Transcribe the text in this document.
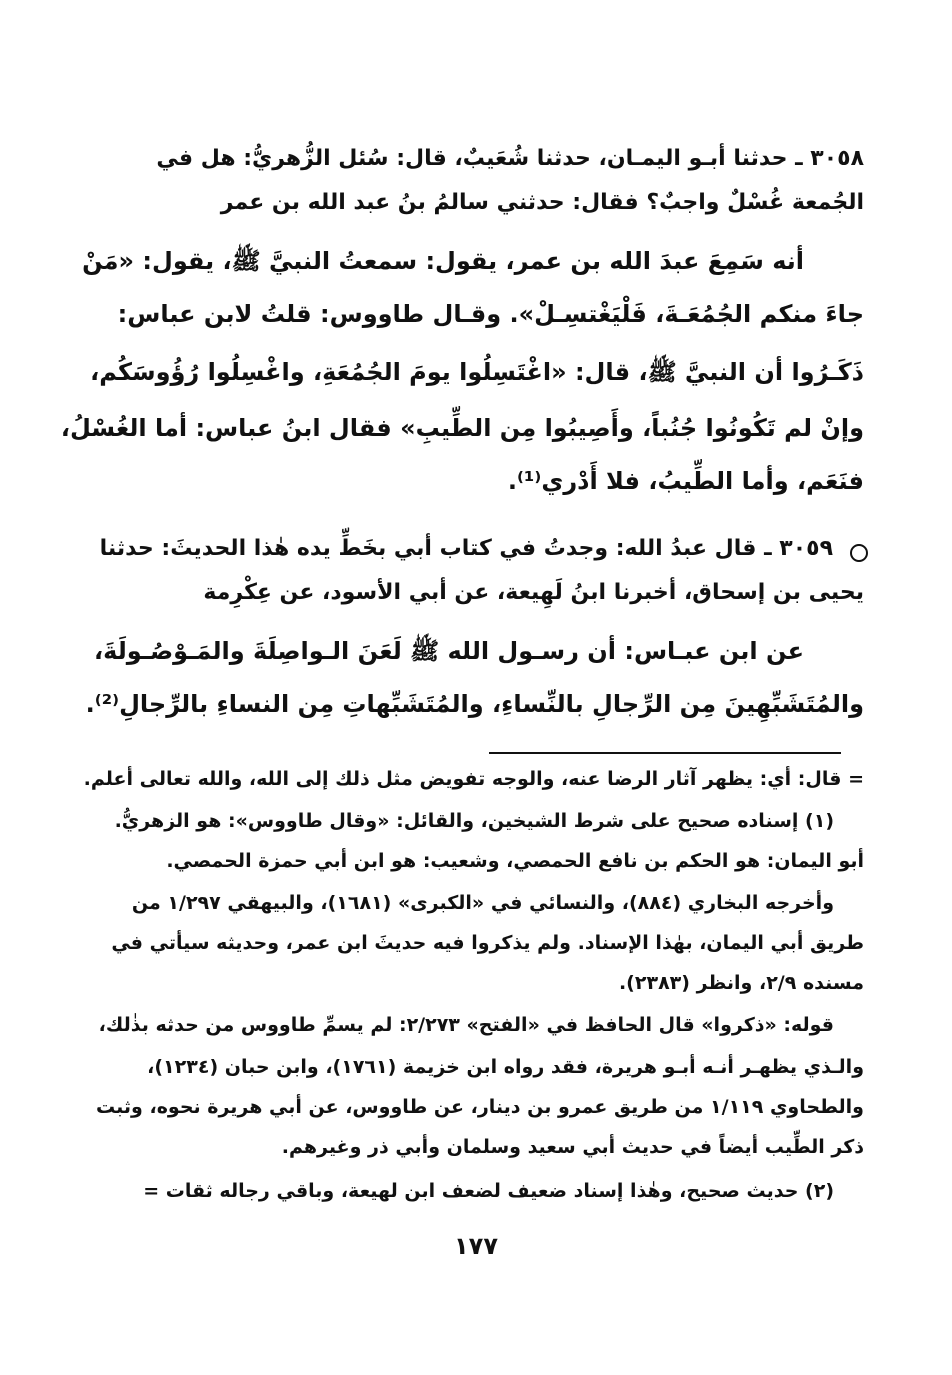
٣٠٥٨ ـ حدثنا أبـو اليمـان، حدثنا شُعَيبٌ، قال: سُئل الزُّهريُّ: هل في

الجُمعة غُسْلٌ واجبٌ؟ فقال: حدثني سالمُ بنُ عبد الله بن عمر

أنه سَمِعَ عبدَ الله بن عمر، يقول: سمعتُ النبيَّ ﷺ، يقول: «مَنْ

جاءَ منكم الجُمُعَـةَ، فَلْيَغْتسِـلْ». وقـال طاووس: قلتُ لابن عباس:

ذَكَـرُوا أن النبيَّ ﷺ، قال: «اغْتَسِلُوا يومَ الجُمُعَةِ، واغْسِلُوا رُؤُوسَكُم،

وإنْ لم تَكُونُوا جُنُباً، وأَصِيبُوا مِن الطِّيبِ» فقال ابنُ عباس: أما الغُسْلُ،

فنَعَم، وأما الطِّيبُ، فلا أَدْري⁽¹⁾.

٣٠٥٩ ـ قال عبدُ الله: وجدتُ في كتاب أبي بخَطِّ يده هٰذا الحديثَ: حدثنا

يحيى بن إسحاق، أخبرنا ابنُ لَهِيعة، عن أبي الأسود، عن عِكْرِمة

عن ابن عبـاس: أن رسـول الله ﷺ لَعَنَ الـواصِلَةَ والمَـوْصُـولَةَ،

والمُتَشَبِّهِينَ مِن الرِّجالِ بالنِّساءِ، والمُتَشَبِّهاتِ مِن النساءِ بالرِّجالِ⁽²⁾.

= قال: أي: يظهر آثار الرضا عنه، والوجه تفويض مثل ذلك إلى الله، والله تعالى أعلم.

(١) إسناده صحيح على شرط الشيخين، والقائل: «وقال طاووس»: هو الزهريُّ.

أبو اليمان: هو الحكم بن نافع الحمصي، وشعيب: هو ابن أبي حمزة الحمصي.

وأخرجه البخاري (٨٨٤)، والنسائي في «الكبرى» (١٦٨١)، والبيهقي ١/٢٩٧ من

طريق أبي اليمان، بهٰذا الإسناد. ولم يذكروا فيه حديثَ ابن عمر، وحديثه سيأتي في

مسنده ٢/٩، وانظر (٢٣٨٣).

قوله: «ذكروا» قال الحافظ في «الفتح» ٢/٢٧٣: لم يسمِّ طاووس من حدثه بذٰلك،

والـذي يظهـر أنـه أبـو هريرة، فقد رواه ابن خزيمة (١٧٦١)، وابن حبان (١٢٣٤)،

والطحاوي ١/١١٩ من طريق عمرو بن دينار، عن طاووس، عن أبي هريرة نحوه، وثبت

ذكر الطِّيب أيضاً في حديث أبي سعيد وسلمان وأبي ذر وغيرهم.

(٢) حديث صحيح، وهٰذا إسناد ضعيف لضعف ابن لهيعة، وباقي رجاله ثقات =

١٧٧
